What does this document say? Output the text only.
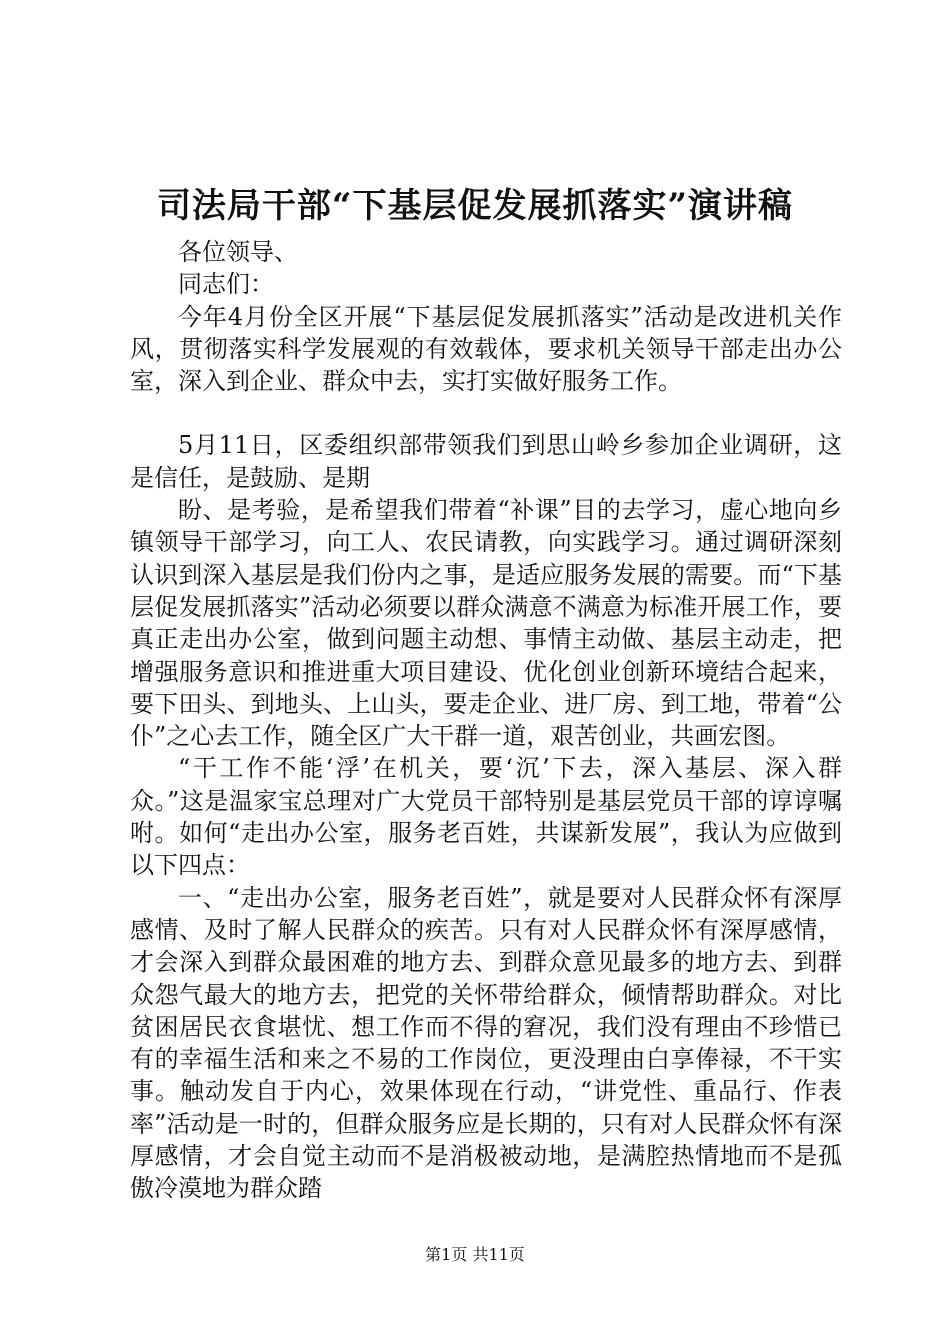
司法局干部“下基层促发展抓落实”演讲稿

各位领导、

同志们：

今年4月份全区开展“下基层促发展抓落实”活动是改进机关作风，贯彻落实科学发展观的有效载体，要求机关领导干部走出办公室，深入到企业、群众中去，实打实做好服务工作。

5月11日，区委组织部带领我们到思山岭乡参加企业调研，这是信任，是鼓励、是期

盼、是考验，是希望我们带着“补课”目的去学习，虚心地向乡镇领导干部学习，向工人、农民请教，向实践学习。通过调研深刻认识到深入基层是我们份内之事，是适应服务发展的需要。而“下基层促发展抓落实”活动必须要以群众满意不满意为标准开展工作，要真正走出办公室，做到问题主动想、事情主动做、基层主动走，把增强服务意识和推进重大项目建设、优化创业创新环境结合起来，要下田头、到地头、上山头，要走企业、进厂房、到工地，带着“公仆”之心去工作，随全区广大干群一道，艰苦创业，共画宏图。

“干工作不能‘浮’在机关，要‘沉’下去，深入基层、深入群众。”这是温家宝总理对广大党员干部特别是基层党员干部的谆谆嘱咐。如何“走出办公室，服务老百姓，共谋新发展”，我认为应做到以下四点：

一、“走出办公室，服务老百姓”，就是要对人民群众怀有深厚感情、及时了解人民群众的疾苦。只有对人民群众怀有深厚感情，才会深入到群众最困难的地方去、到群众意见最多的地方去、到群众怨气最大的地方去，把党的关怀带给群众，倾情帮助群众。对比贫困居民衣食堪忧、想工作而不得的窘况，我们没有理由不珍惜已有的幸福生活和来之不易的工作岗位，更没理由白享俸禄，不干实事。触动发自于内心，效果体现在行动，“讲党性、重品行、作表率”活动是一时的，但群众服务应是长期的，只有对人民群众怀有深厚感情，才会自觉主动而不是消极被动地，是满腔热情地而不是孤傲冷漠地为群众踏

第1页 共11页
